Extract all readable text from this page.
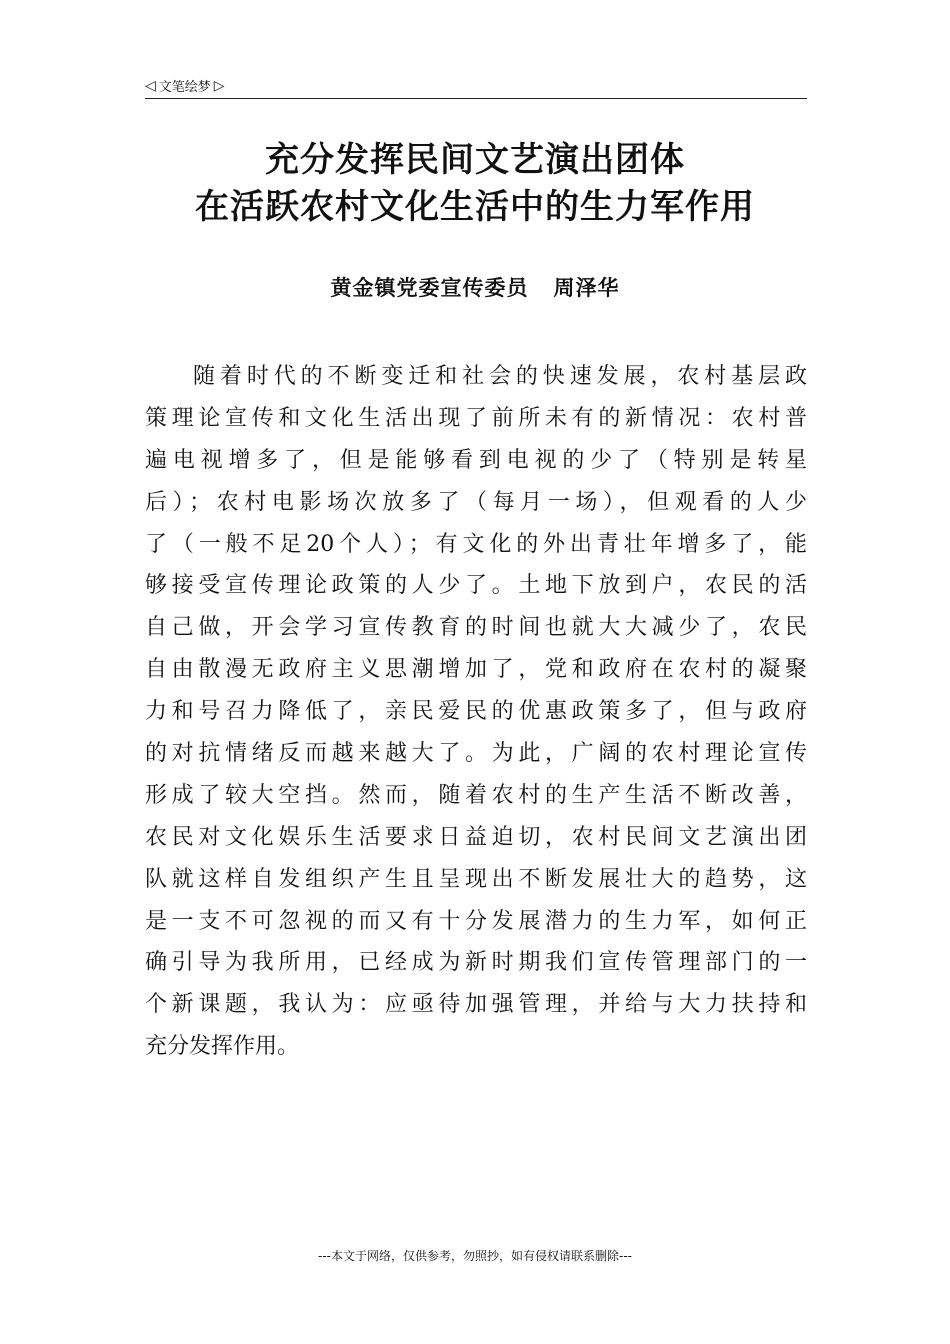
◁ 文笔绘梦 ▷
充分发挥民间文艺演出团体
在活跃农村文化生活中的生力军作用
黄金镇党委宣传委员   周泽华
随着时代的不断变迁和社会的快速发展，农村基层政
策理论宣传和文化生活出现了前所未有的新情况：农村普
遍电视增多了，但是能够看到电视的少了（特别是转星
后）；农村电影场次放多了（每月一场），但观看的人少
了（一般不足20个人）；有文化的外出青壮年增多了，能
够接受宣传理论政策的人少了。土地下放到户，农民的活
自己做，开会学习宣传教育的时间也就大大减少了，农民
自由散漫无政府主义思潮增加了，党和政府在农村的凝聚
力和号召力降低了，亲民爱民的优惠政策多了，但与政府
的对抗情绪反而越来越大了。为此，广阔的农村理论宣传
形成了较大空挡。然而，随着农村的生产生活不断改善，
农民对文化娱乐生活要求日益迫切，农村民间文艺演出团
队就这样自发组织产生且呈现出不断发展壮大的趋势，这
是一支不可忽视的而又有十分发展潜力的生力军，如何正
确引导为我所用，已经成为新时期我们宣传管理部门的一
个新课题，我认为：应亟待加强管理，并给与大力扶持和
充分发挥作用。
---本文于网络，仅供参考，勿照抄，如有侵权请联系删除---
